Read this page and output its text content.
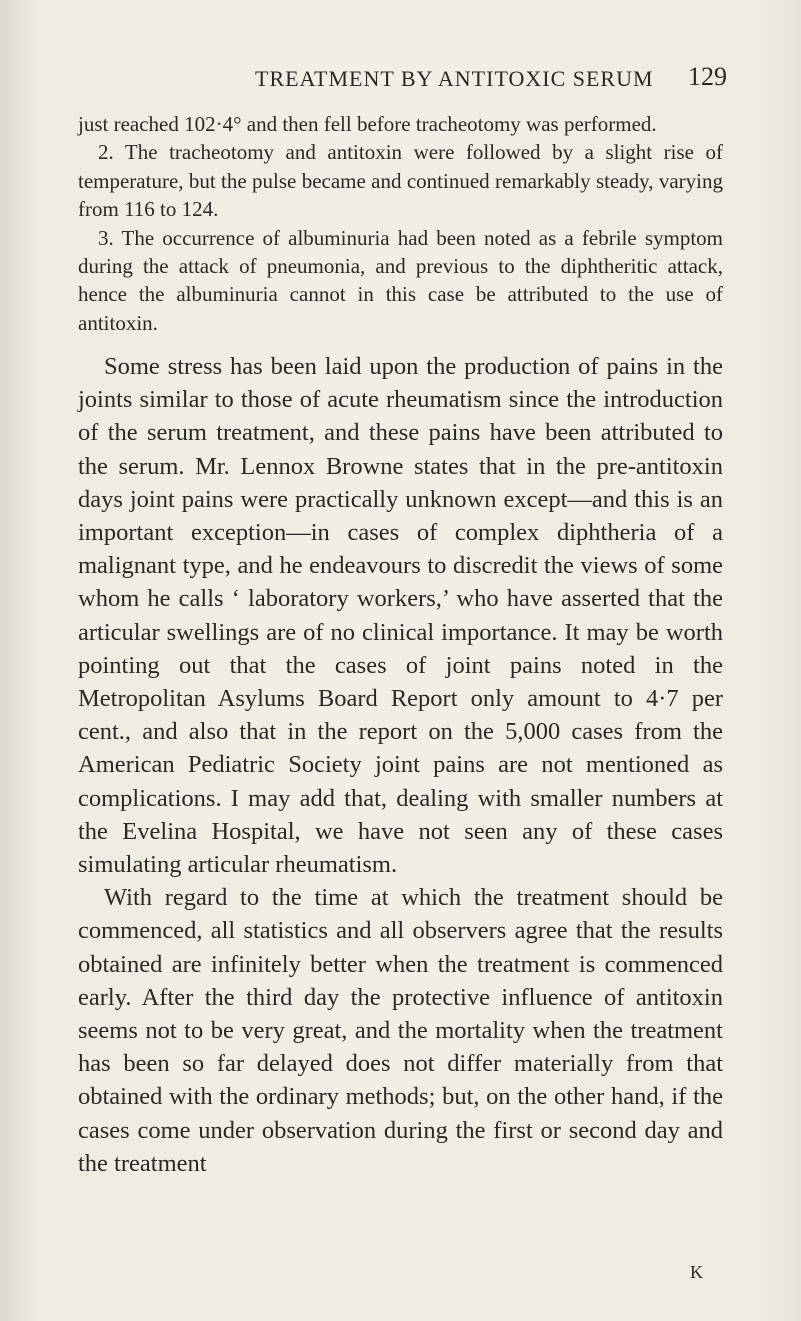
TREATMENT BY ANTITOXIC SERUM 129

just reached 102·4° and then fell before tracheotomy was performed.

2. The tracheotomy and antitoxin were followed by a slight rise of temperature, but the pulse became and continued remarkably steady, varying from 116 to 124.

3. The occurrence of albuminuria had been noted as a febrile symptom during the attack of pneumonia, and previous to the diphtheritic attack, hence the albuminuria cannot in this case be attributed to the use of antitoxin.

Some stress has been laid upon the production of pains in the joints similar to those of acute rheumatism since the introduction of the serum treatment, and these pains have been attributed to the serum. Mr. Lennox Browne states that in the pre-antitoxin days joint pains were practically unknown except—and this is an important exception—in cases of complex diphtheria of a malignant type, and he endeavours to discredit the views of some whom he calls ‘ laboratory workers,’ who have asserted that the articular swellings are of no clinical importance. It may be worth pointing out that the cases of joint pains noted in the Metropolitan Asylums Board Report only amount to 4·7 per cent., and also that in the report on the 5,000 cases from the American Pediatric Society joint pains are not mentioned as complications. I may add that, dealing with smaller numbers at the Evelina Hospital, we have not seen any of these cases simulating articular rheumatism.

With regard to the time at which the treatment should be commenced, all statistics and all observers agree that the results obtained are infinitely better when the treatment is commenced early. After the third day the protective influence of antitoxin seems not to be very great, and the mortality when the treatment has been so far delayed does not differ materially from that obtained with the ordinary methods; but, on the other hand, if the cases come under observation during the first or second day and the treatment

K
